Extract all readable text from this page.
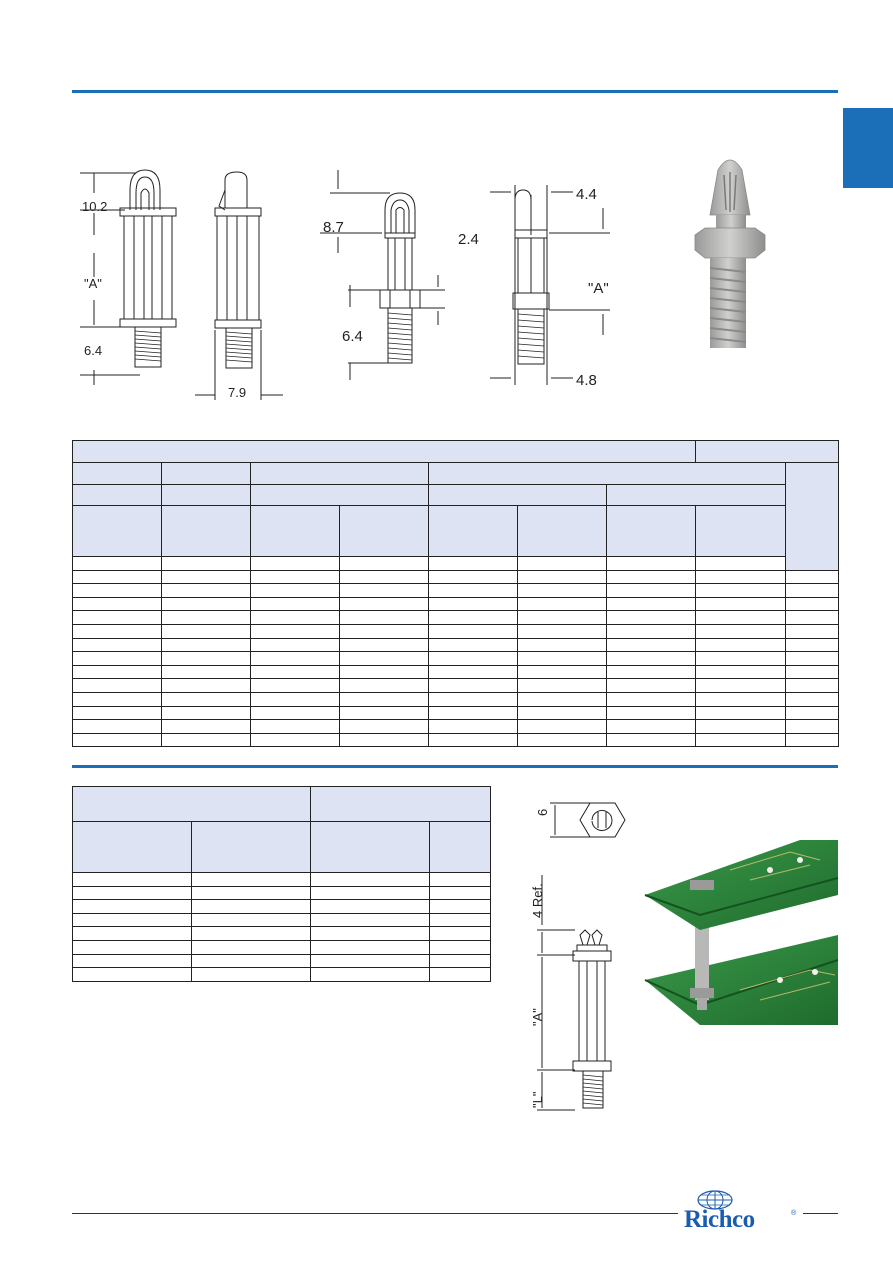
10.2
"A"
6.4
7.9
8.7
2.4
6.4
4.4
"A"
4.8

6
4 Ref.
"A"
"L"
Richco	®
